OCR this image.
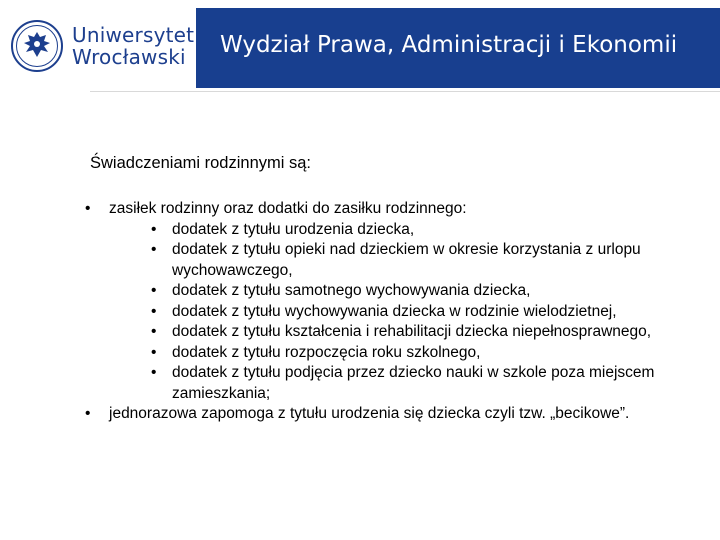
Uniwersytet
Wrocławski	Wydział Prawa, Administracji i Ekonomii
Świadczeniami rodzinnymi są:
• zasiłek rodzinny oraz dodatki do zasiłku rodzinnego:
• dodatek z tytułu urodzenia dziecka,
• dodatek z tytułu opieki nad dzieckiem w okresie korzystania z urlopu wychowawczego,
• dodatek z tytułu samotnego wychowywania dziecka,
• dodatek z tytułu wychowywania dziecka w rodzinie wielodzietnej,
• dodatek z tytułu kształcenia i rehabilitacji dziecka niepełnosprawnego,
• dodatek z tytułu rozpoczęcia roku szkolnego,
• dodatek z tytułu podjęcia przez dziecko nauki w szkole poza miejscem zamieszkania;
• jednorazowa zapomoga z tytułu urodzenia się dziecka czyli tzw. „becikowe”.
